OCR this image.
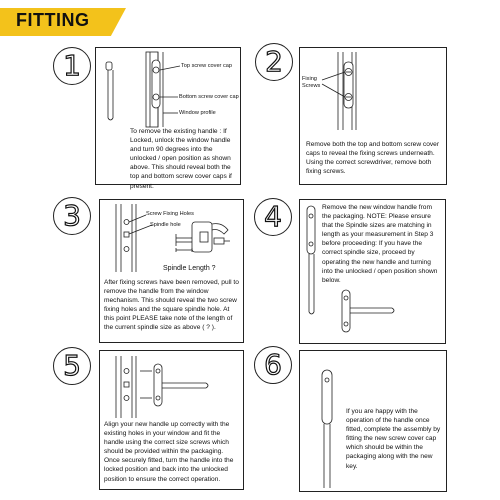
FITTING
1	Top screw cover cap
Bottom screw cover cap
Window profile
To remove the existing handle : If Locked, unlock the window handle and turn 90 degrees into the unlocked / open position as shown above. This should reveal both the top and bottom screw cover caps if present.
2
Fixing Screws
Remove both the top and bottom screw cover caps to reveal the fixing screws underneath. Using the correct screwdriver, remove both fixing screws.
3	Screw Fixing Holes
Spindle hole
Spindle Length ?
After fixing screws have been removed, pull to remove the handle from the window mechanism. This should reveal the two screw fixing holes and the square spindle hole. At this point PLEASE take note of the length of the current spindle size as above ( ? ).
4	Remove the new window handle from the packaging. NOTE: Please ensure that the Spindle sizes are matching in length as your measurement in Step 3 before proceeding: If you have the correct spindle size, proceed by operating the new handle and turning into the unlocked / open position shown below.
5
Align your new handle up correctly with the existing holes in your window and fit the handle using the correct size screws which should be provided within the packaging. Once securely fitted, turn the handle into the locked position and back into the unlocked position to ensure the correct operation.
6
If you are happy with the operation of the handle once fitted, complete the assembly by fitting the new screw cover cap which should be within the packaging along with the new key.
